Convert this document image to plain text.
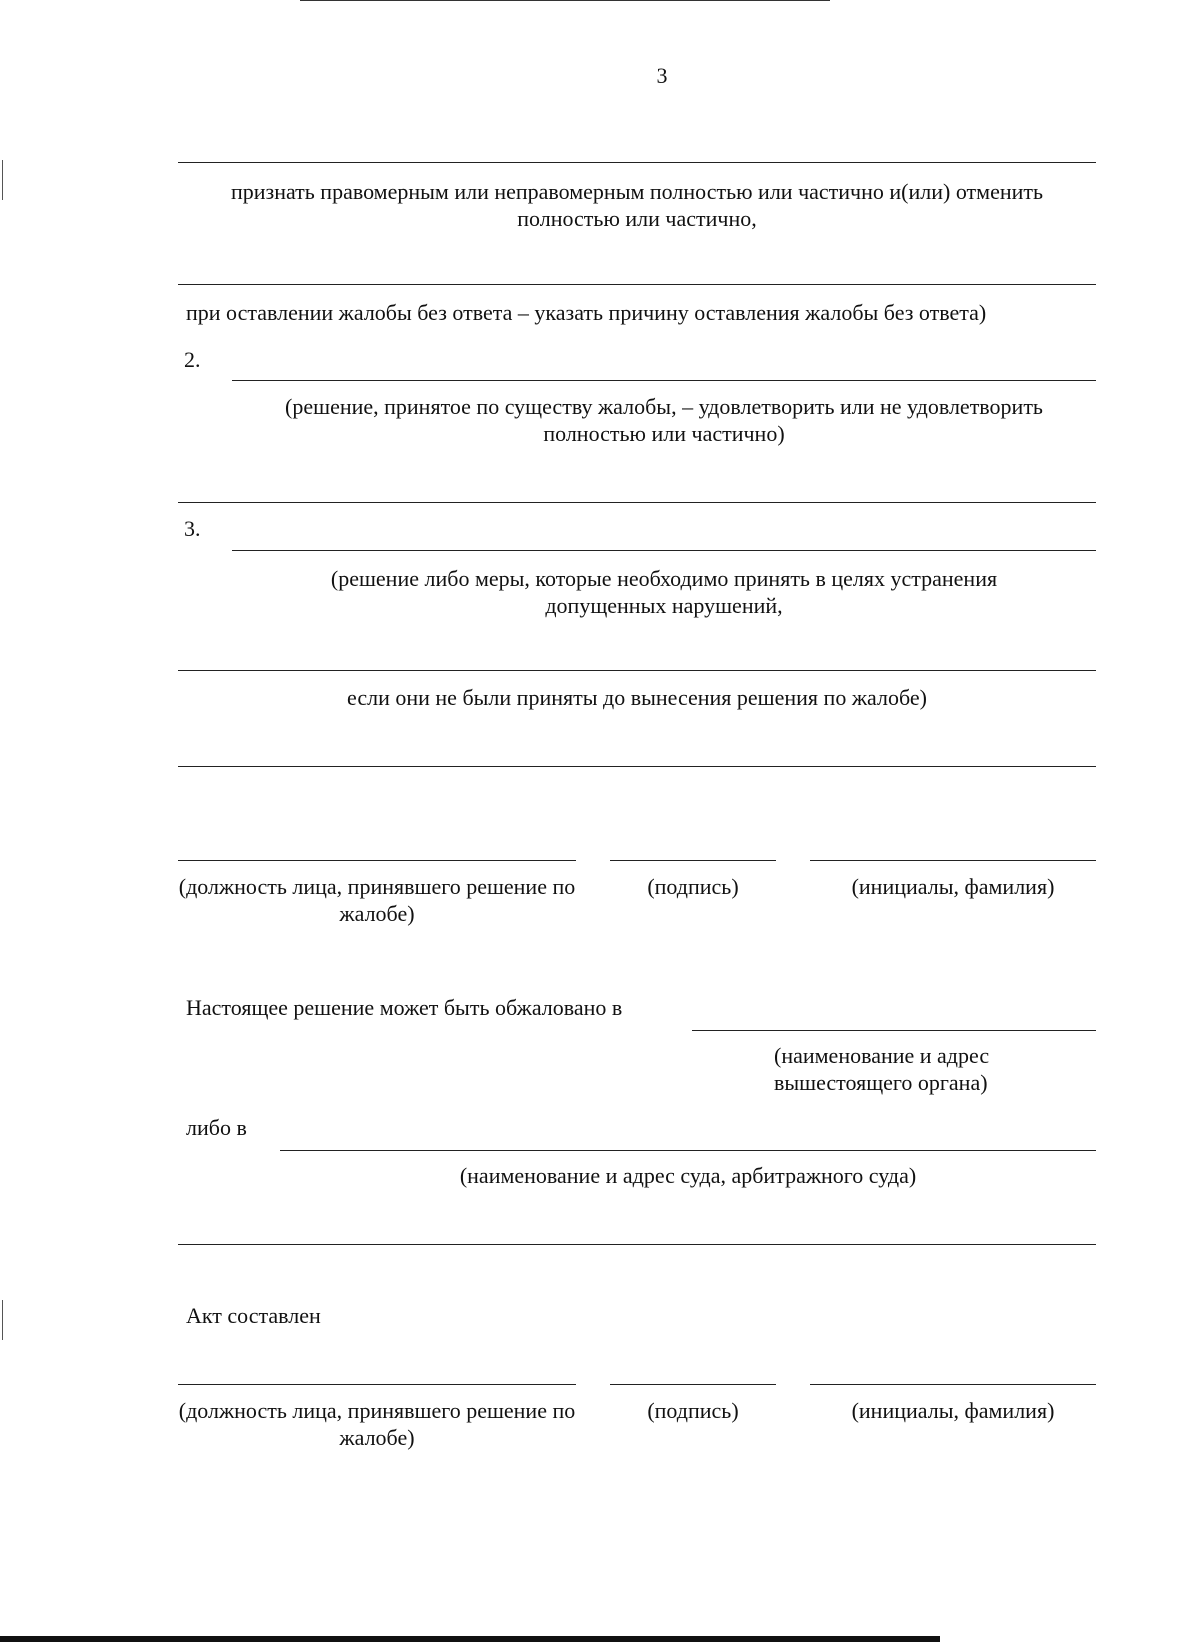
3
признать правомерным или неправомерным полностью или частично и(или) отменить полностью или частично,
при оставлении жалобы без ответа – указать причину оставления жалобы без ответа)
2.
(решение, принятое по существу жалобы, – удовлетворить или не удовлетворить полностью или частично)
3.
(решение либо меры, которые необходимо принять в целях устранения допущенных нарушений,
если они не были приняты до вынесения решения по жалобе)
(должность лица, принявшего решение по жалобе)
(подпись)	(инициалы, фамилия)
Настоящее решение может быть обжаловано в
(наименование и адрес вышестоящего органа)
либо в
(наименование и адрес суда, арбитражного суда)
Акт составлен
(должность лица, принявшего решение по жалобе)
(подпись)	(инициалы, фамилия)
